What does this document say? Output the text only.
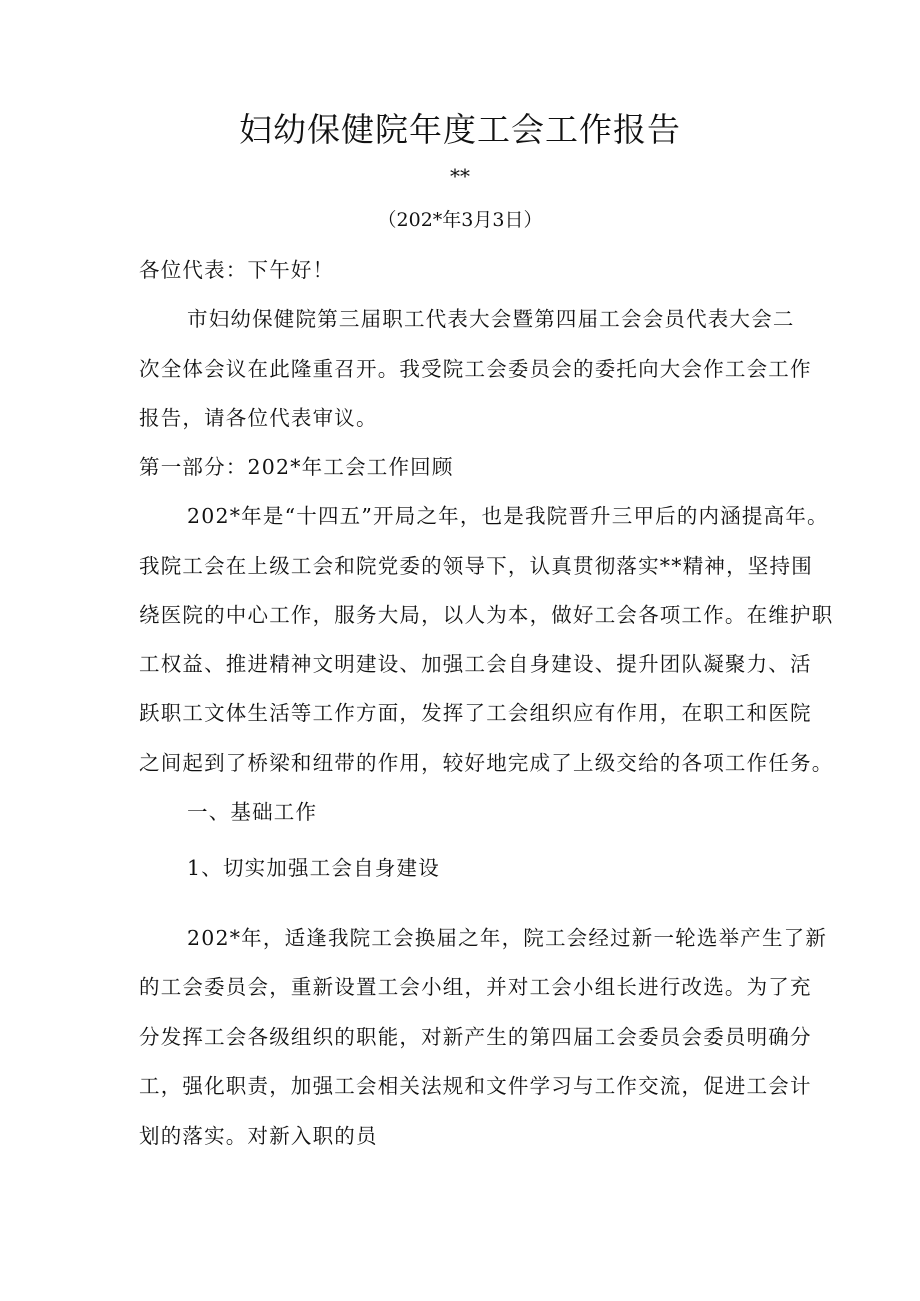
妇幼保健院年度工会工作报告
**
（202*年3月3日）
各位代表：下午好！
市妇幼保健院第三届职工代表大会暨第四届工会会员代表大会二
次全体会议在此隆重召开。我受院工会委员会的委托向大会作工会工作
报告，请各位代表审议。
第一部分：202*年工会工作回顾
202*年是“十四五”开局之年，也是我院晋升三甲后的内涵提高年。
我院工会在上级工会和院党委的领导下，认真贯彻落实**精神，坚持围
绕医院的中心工作，服务大局，以人为本，做好工会各项工作。在维护职
工权益、推进精神文明建设、加强工会自身建设、提升团队凝聚力、活
跃职工文体生活等工作方面，发挥了工会组织应有作用，在职工和医院
之间起到了桥梁和纽带的作用，较好地完成了上级交给的各项工作任务。
一、基础工作
1、切实加强工会自身建设
202*年，适逢我院工会换届之年，院工会经过新一轮选举产生了新
的工会委员会，重新设置工会小组，并对工会小组长进行改选。为了充
分发挥工会各级组织的职能，对新产生的第四届工会委员会委员明确分
工，强化职责，加强工会相关法规和文件学习与工作交流，促进工会计
划的落实。对新入职的员
